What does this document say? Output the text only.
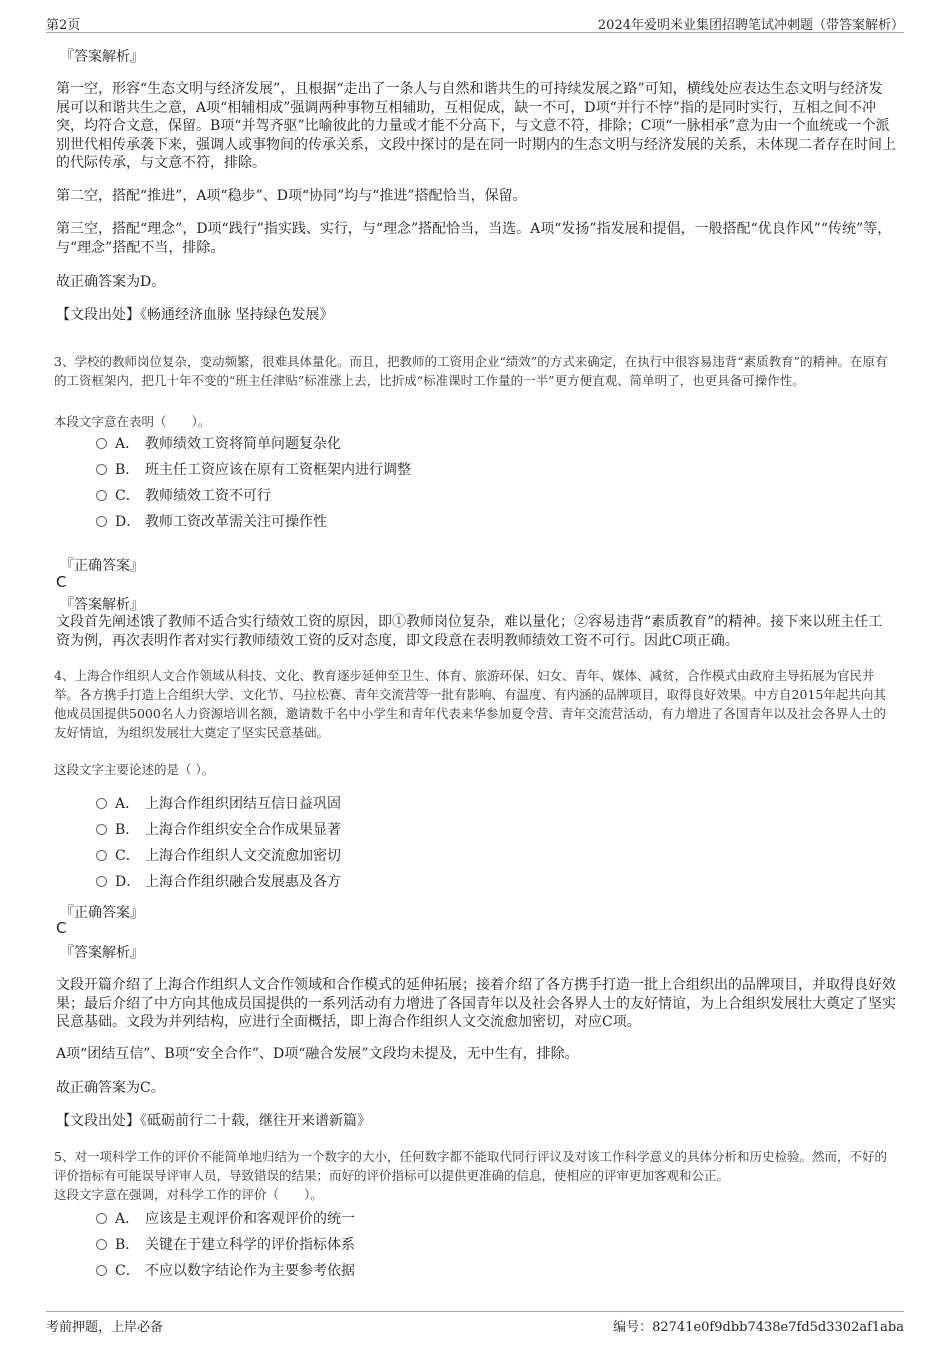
第2页	2024年爱明米业集团招聘笔试冲刺题（带答案解析）
『答案解析』

第一空，形容“生态文明与经济发展”，且根据“走出了一条人与自然和谐共生的可持续发展之路”可知，横线处应表达生态文明与经济发展可以和谐共生之意，A项“相辅相成”强调两种事物互相辅助，互相促成，缺一不可，D项“并行不悖”指的是同时实行，互相之间不冲突，均符合文意，保留。B项“并驾齐驱”比喻彼此的力量或才能不分高下，与文意不符，排除；C项“一脉相承”意为由一个血统或一个派别世代相传承袭下来，强调人或事物间的传承关系，文段中探讨的是在同一时期内的生态文明与经济发展的关系，未体现二者存在时间上的代际传承，与文意不符，排除。

第二空，搭配“推进”，A项“稳步”、D项“协同”均与“推进”搭配恰当，保留。

第三空，搭配“理念”，D项“践行”指实践、实行，与“理念”搭配恰当，当选。A项“发扬”指发展和提倡，一般搭配“优良作风”“传统”等，与“理念”搭配不当，排除。

故正确答案为D。

【文段出处】《畅通经济血脉 坚持绿色发展》

3、学校的教师岗位复杂，变动频繁，很难具体量化。而且，把教师的工资用企业“绩效”的方式来确定，在执行中很容易违背“素质教育”的精神。在原有的工资框架内，把几十年不变的“班主任津贴”标准涨上去，比折成“标准课时工作量的一半”更方便直观、简单明了，也更具备可操作性。

本段文字意在表明（　　）。

A． 教师绩效工资将简单问题复杂化
B． 班主任工资应该在原有工资框架内进行调整
C． 教师绩效工资不可行
D． 教师工资改革需关注可操作性
『正确答案』
C
『答案解析』

文段首先阐述饿了教师不适合实行绩效工资的原因，即①教师岗位复杂，难以量化；②容易违背“素质教育”的精神。接下来以班主任工资为例，再次表明作者对实行教师绩效工资的反对态度，即文段意在表明教师绩效工资不可行。因此C项正确。

4、上海合作组织人文合作领域从科技、文化、教育逐步延伸至卫生、体育、旅游环保、妇女、青年、媒体、减贫，合作模式由政府主导拓展为官民并举。各方携手打造上合组织大学、文化节、马拉松赛、青年交流营等一批有影响、有温度、有内涵的品牌项目，取得良好效果。中方自2015年起共向其他成员国提供5000名人力资源培训名额，邀请数千名中小学生和青年代表来华参加夏令营、青年交流营活动，有力增进了各国青年以及社会各界人士的友好情谊，为组织发展壮大奠定了坚实民意基础。

这段文字主要论述的是（ ）。

A． 上海合作组织团结互信日益巩固
B． 上海合作组织安全合作成果显著
C． 上海合作组织人文交流愈加密切
D． 上海合作组织融合发展惠及各方
『正确答案』
C
『答案解析』

文段开篇介绍了上海合作组织人文合作领域和合作模式的延伸拓展；接着介绍了各方携手打造一批上合组织出的品牌项目，并取得良好效果；最后介绍了中方向其他成员国提供的一系列活动有力增进了各国青年以及社会各界人士的友好情谊，为上合组织发展壮大奠定了坚实民意基础。文段为并列结构，应进行全面概括，即上海合作组织人文交流愈加密切，对应C项。

A项“团结互信”、B项“安全合作”、D项“融合发展”文段均未提及，无中生有，排除。

故正确答案为C。

【文段出处】《砥砺前行二十载，继往开来谱新篇》

5、对一项科学工作的评价不能简单地归结为一个数字的大小，任何数字都不能取代同行评议及对该工作科学意义的具体分析和历史检验。然而，不好的评价指标有可能误导评审人员，导致错误的结果；而好的评价指标可以提供更准确的信息，使相应的评审更加客观和公正。

这段文字意在强调，对科学工作的评价（　　）。

A． 应该是主观评价和客观评价的统一
B． 关键在于建立科学的评价指标体系
C． 不应以数字结论作为主要参考依据
考前押题，上岸必备	编号：82741e0f9dbb7438e7fd5d3302af1aba
